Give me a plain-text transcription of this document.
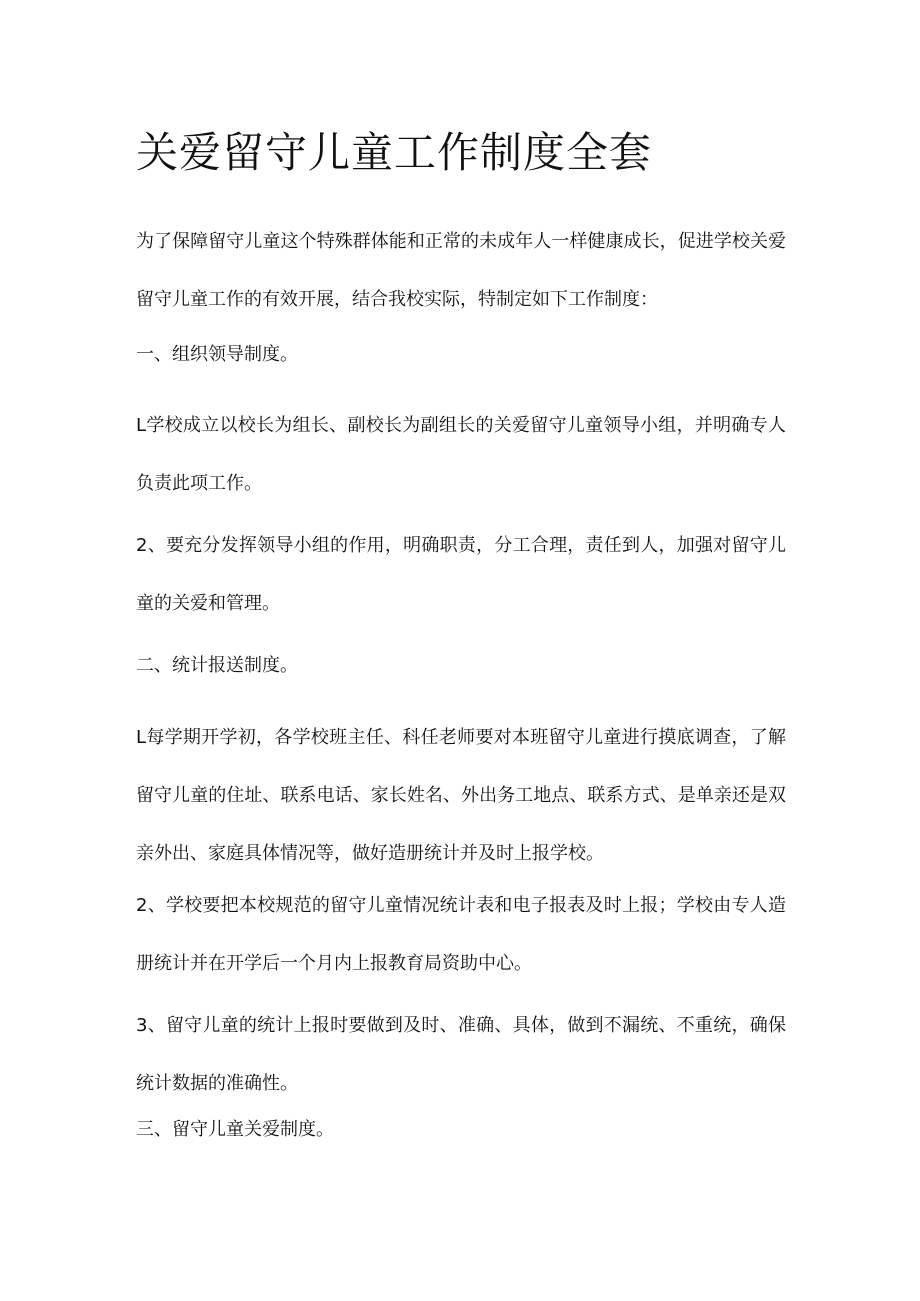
关爱留守儿童工作制度全套

为了保障留守儿童这个特殊群体能和正常的未成年人一样健康成长，促进学校关爱留守儿童工作的有效开展，结合我校实际，特制定如下工作制度：

一、组织领导制度。

L学校成立以校长为组长、副校长为副组长的关爱留守儿童领导小组，并明确专人负责此项工作。

2、要充分发挥领导小组的作用，明确职责，分工合理，责任到人，加强对留守儿童的关爱和管理。

二、统计报送制度。

L每学期开学初，各学校班主任、科任老师要对本班留守儿童进行摸底调查，了解留守儿童的住址、联系电话、家长姓名、外出务工地点、联系方式、是单亲还是双亲外出、家庭具体情况等，做好造册统计并及时上报学校。

2、学校要把本校规范的留守儿童情况统计表和电子报表及时上报；学校由专人造册统计并在开学后一个月内上报教育局资助中心。

3、留守儿童的统计上报时要做到及时、准确、具体，做到不漏统、不重统，确保统计数据的准确性。

三、留守儿童关爱制度。
